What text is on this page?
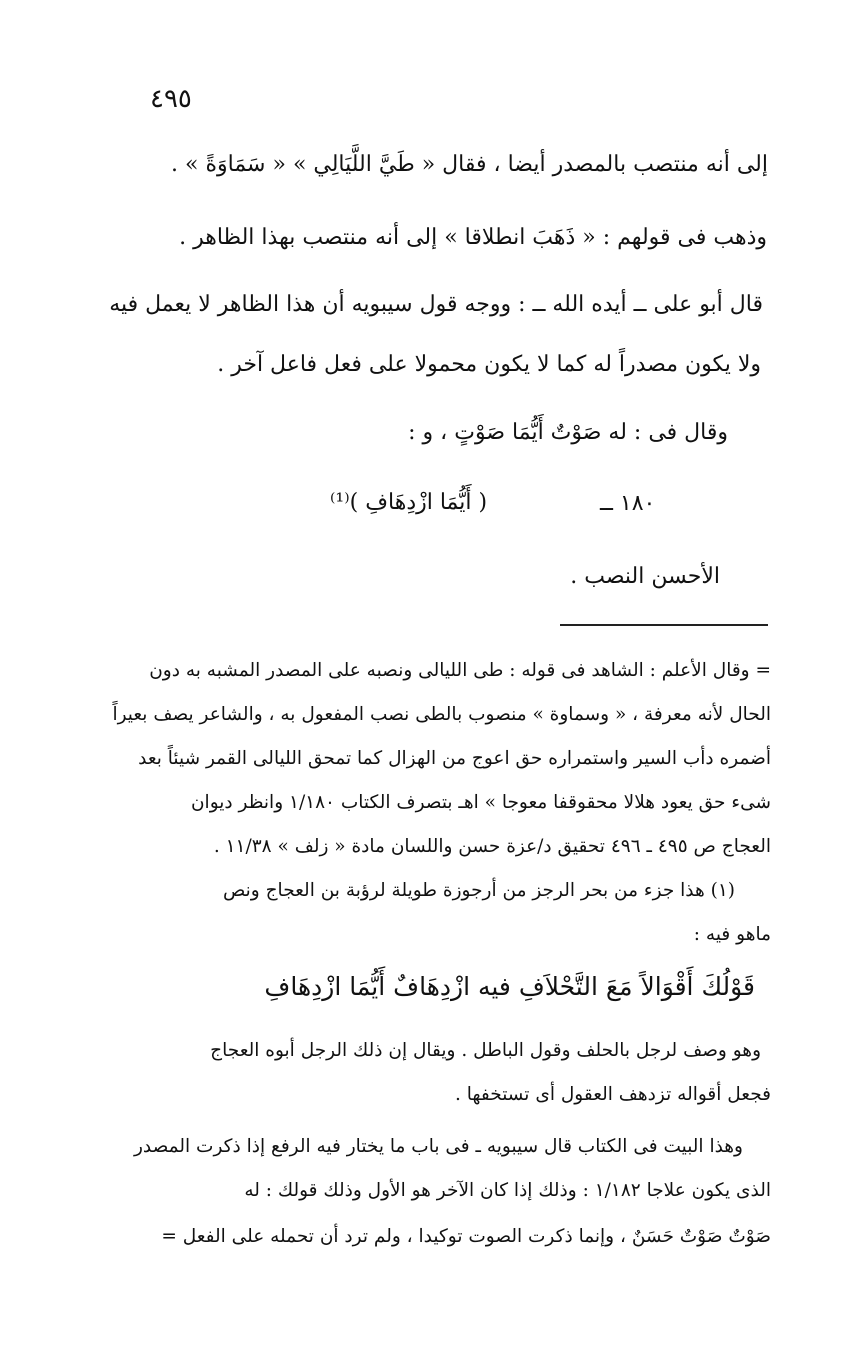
٤٩٥
إلى أنه منتصب بالمصدر أيضا ، فقال « طَيَّ اللَّيَالِي » « سَمَاوَةً » .
وذهب فى قولهم : « ذَهَبَ انطلاقا » إلى أنه منتصب بهذا الظاهر .
قال أبو على ــ أيده الله ــ : ووجه قول سيبويه أن هذا الظاهر لا يعمل فيه
ولا يكون مصدراً له كما لا يكون محمولا على فعل فاعل آخر .
وقال فى : له صَوْتٌ أَيُّمَا صَوْتٍ ، و :
١٨٠ ــ
( أَيُّمَا ازْدِهَافِ )⁽¹⁾
الأحسن النصب .
= وقال الأعلم : الشاهد فى قوله : طى الليالى ونصبه على المصدر المشبه به دون
الحال لأنه معرفة ، « وسماوة » منصوب بالطى نصب المفعول به ، والشاعر يصف بعيراً
أضمره دأب السير واستمراره حق اعوج من الهزال كما تمحق الليالى القمر شيئاً بعد
شىء حق يعود هلالا محقوقفا معوجا » اهـ بتصرف الكتاب ١/١٨٠ وانظر ديوان
العجاج ص ٤٩٥ ـ ٤٩٦ تحقيق د/عزة حسن واللسان مادة « زلف » ١١/٣٨ .
(١) هذا جزء من بحر الرجز من أرجوزة طويلة لرؤبة بن العجاج ونص
ماهو فيه :
قَوْلُكَ أَقْوَالاً مَعَ التَّحْلاَفِ فيه ازْدِهَافٌ أَيُّمَا ازْدِهَافِ
وهو وصف لرجل بالحلف وقول الباطل . ويقال إن ذلك الرجل أبوه العجاج
فجعل أقواله تزدهف العقول أى تستخفها .
وهذا البيت فى الكتاب قال سيبويه ـ فى باب ما يختار فيه الرفع إذا ذكرت المصدر
الذى يكون علاجا ١/١٨٢ : وذلك إذا كان الآخر هو الأول وذلك قولك : له
صَوْتٌ صَوْتٌ حَسَنٌ ، وإنما ذكرت الصوت توكيدا ، ولم ترد أن تحمله على الفعل =
